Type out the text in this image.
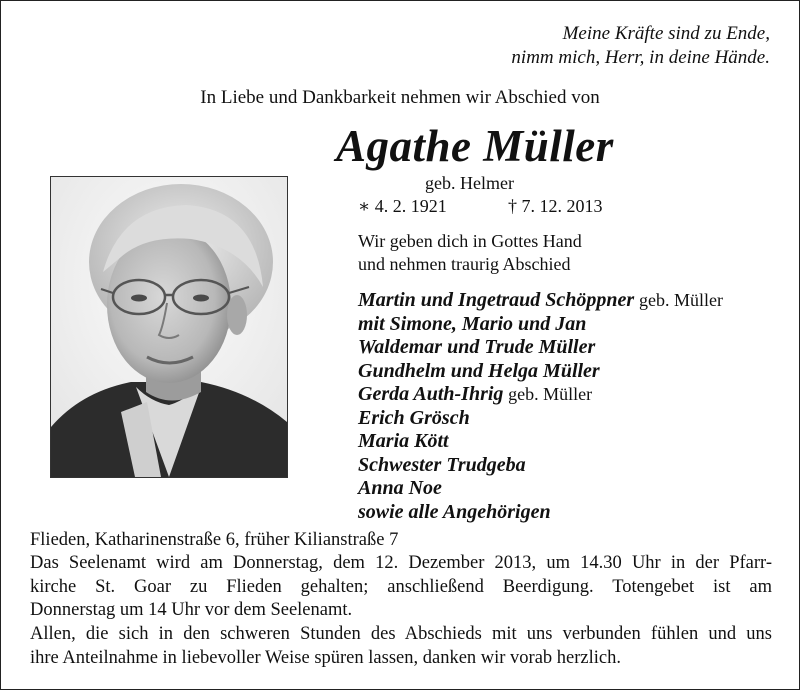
Meine Kräfte sind zu Ende,
nimm mich, Herr, in deine Hände.
In Liebe und Dankbarkeit nehmen wir Abschied von
Agathe Müller
geb. Helmer
∗ 4. 2. 1921	† 7. 12. 2013
Wir geben dich in Gottes Hand
und nehmen traurig Abschied
Martin und Ingetraud Schöppner geb. Müller
mit Simone, Mario und Jan
Waldemar und Trude Müller
Gundhelm und Helga Müller
Gerda Auth-Ihrig geb. Müller
Erich Grösch
Maria Kött
Schwester Trudgeba
Anna Noe
sowie alle Angehörigen
Flieden, Katharinenstraße 6, früher Kilianstraße 7
Das Seelenamt wird am Donnerstag, dem 12. Dezember 2013, um 14.30 Uhr in der Pfarr-
kirche St. Goar zu Flieden gehalten; anschließend Beerdigung. Totengebet ist am
Donnerstag um 14 Uhr vor dem Seelenamt.
Allen, die sich in den schweren Stunden des Abschieds mit uns verbunden fühlen und uns
ihre Anteilnahme in liebevoller Weise spüren lassen, danken wir vorab herzlich.
